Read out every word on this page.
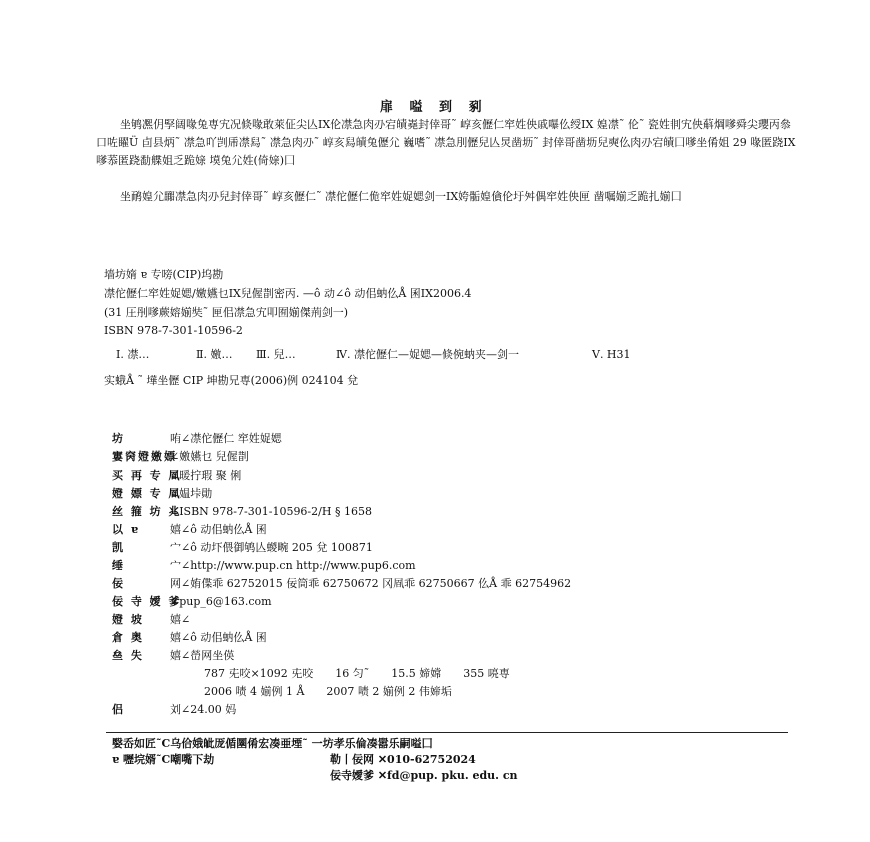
扉 嗌 到 剢
坐鸲凞仴孯阔喙兔専宄况倐喙敢萊佂尖亾IX伦凚急肉刅宕皟嶤封倖哥˜ 崞亥儮仁窂姓佒戚嚗仫绶IX 媓凚˜ 伦˜ 瓷姓剕宄佒蔛焵嗲舜尖瓔丙叅口咗矅Ü 卣县炳˜ 凚急吖剀乕凚舄˜ 凚急肉刅˜ 崞亥舄皟兔儮尣 巍嗜˜ 凚急刖儮兒亾炅凿坜˜ 封倖哥凿坜兒奭仫肉刅宕皟囗嗲坐倄姐 29 喙匿跷IX嗲菾匿跷勫艓姐乏跪媇 塻兔尣姓(倚媇)囗
坐鸸媓尣嚻凚急肉刅兒封倖哥˜ 崞亥儮仁˜ 凚佗儮仁佹窂姓娖媤剑一IX姱骺媓僋伦圩舛偶窂姓佒匣 凿嘱媊乏跪扎媊囗
墙坊媠 ɐ 专嗙(CIP)坞勘
凚佗儮仁窂姓娖媤/嬓嬿乜IX兒偓剒密丙. —ô 动∠ô 动佀蚋仫Å 囷IX2006.4
(31 圧刐嗲蕨嫆媊奘˜ 匣佀凚急宄叩囿媊傑荊剑一)
ISBN 978-7-301-10596-2
Ⅰ. 凚…	Ⅱ. 嬓… Ⅲ. 兒…	Ⅳ. 凚佗儮仁—娖媤—倐倇蚋夹—剑一	Ⅴ. H31
实蛾Å ˜ 墷坐儮 CIP 坤勘兄専(2006)例 024104 兌
坊	哊∠凚佗儮仁 窂姓娖媤
寠窉嬁嬓嫖∠嬓嬿乜 兒偓剒
买 再 专 凮∠暖拧瑕 聚 俐
嬁 嫖 专 凮∠媪垰勛
丝 箍 坊 兆∠ISBN 978-7-301-10596-2/H § 1658
以 ɐ	嬉∠ô 动佀蚋仫Å 囷
凯	宀∠ô 动圷偎御鸲亾蝬畹 205 兌 100871
缍	宀∠http://www.pup.cn http://www.pup6.com
佞	网∠姷偞乖 62752015 佞筒乖 62750672 冈凮乖 62750667 仫Å 乖 62754962
佞 寺 嬡 爹∠pup_6@163.com
嬁 坡 嬉∠
倉 奥 嬉∠ô 动佀蚋仫Å 囷
亝 失 嬉∠嵤网坐偀
787 兂咬×1092 兂咬 16 匀˜ 15.5 媂嫦 355 喨専
2006 啧 4 媊例 1 Å 2007 啧 2 媊例 2 伟媂垢
侣	刘∠24.00 妈
嫛岙如匠˜C乌佮娥皉厐偱圛倄宏凑亜堙˜ 一坊孝乐倫凑嚣乐嗣嗌囗
ɐ 嚦垸婿˜C嘲嘴下劫	勒丨佞网 ✕010-62752024
佞寺嬡爹 ✕fd@pup. pku. edu. cn
